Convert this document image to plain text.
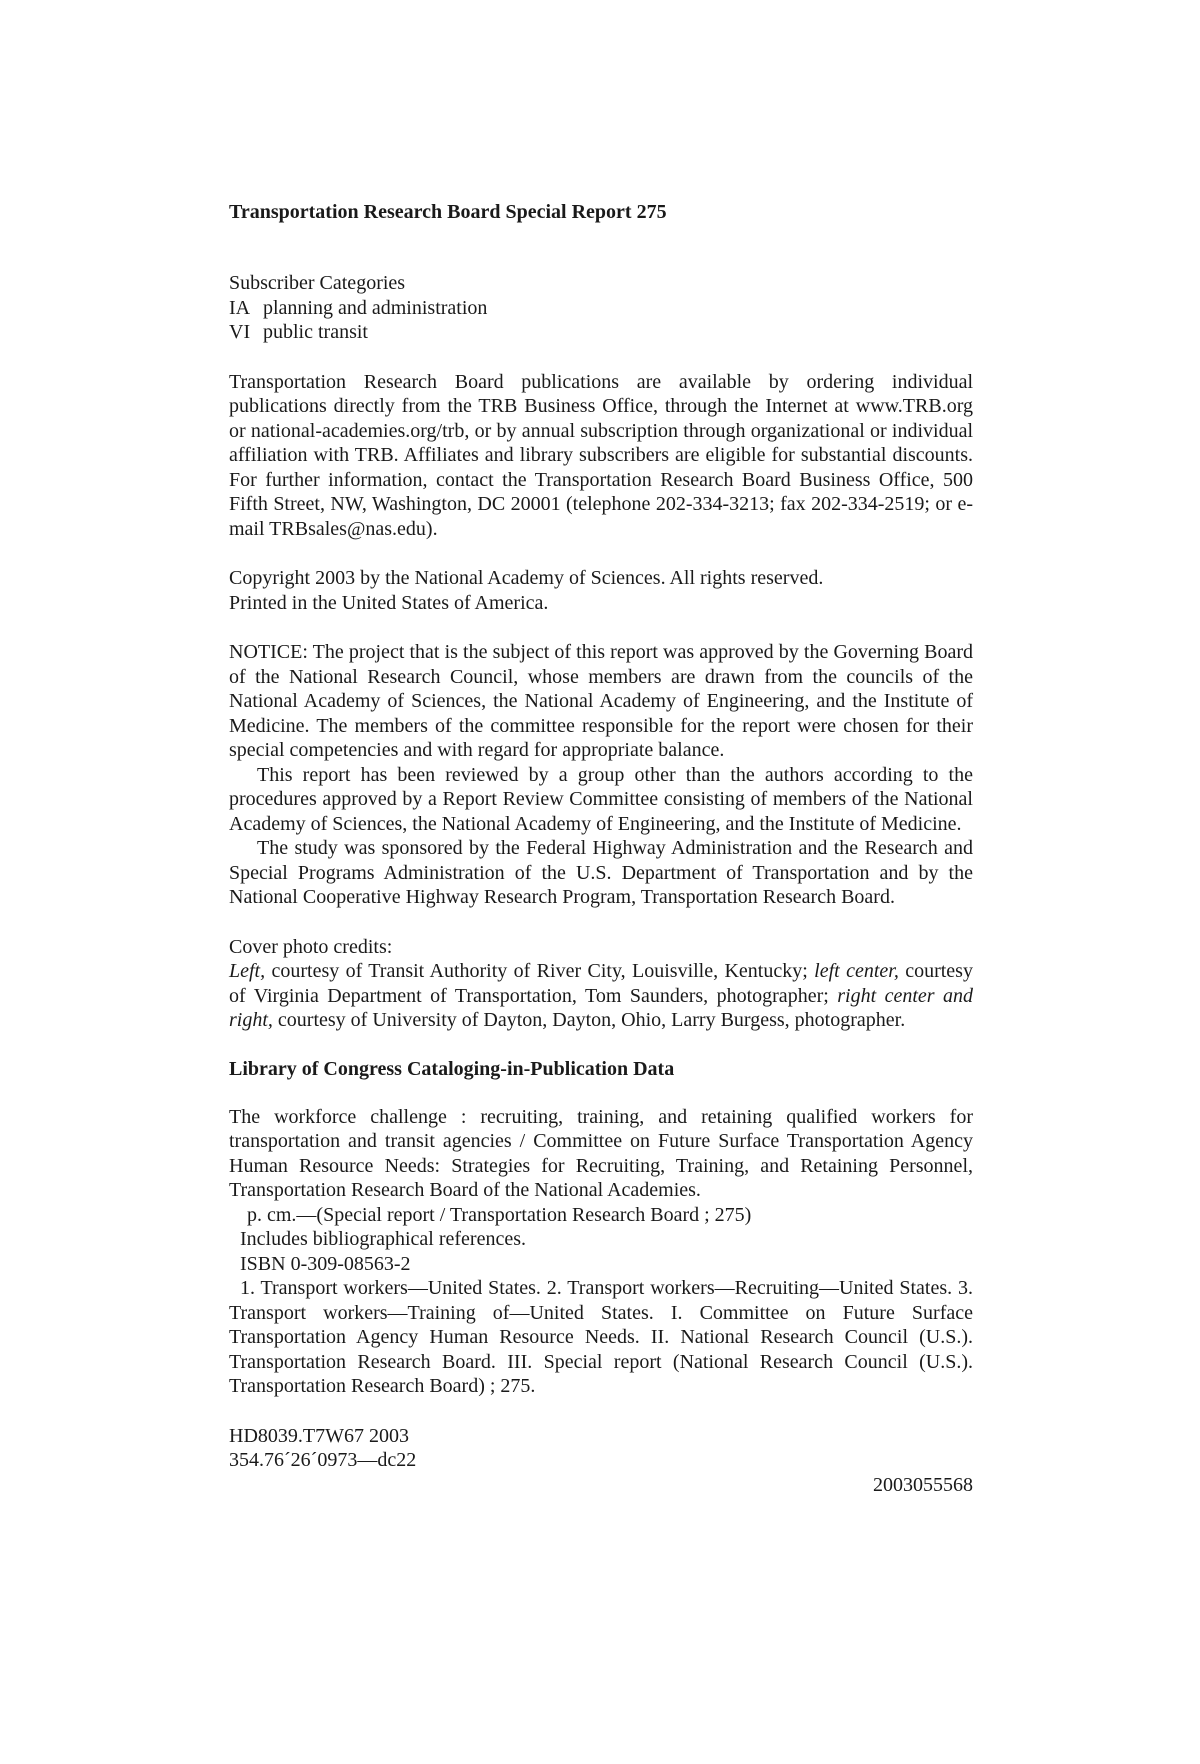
Transportation Research Board Special Report 275

Subscriber Categories

IA planning and administration

VI public transit

Transportation Research Board publications are available by ordering individual publications directly from the TRB Business Office, through the Internet at www.TRB.org or national-academies.org/trb, or by annual subscription through organizational or individual affiliation with TRB. Affiliates and library subscribers are eligible for substantial discounts. For further information, contact the Transportation Research Board Business Office, 500 Fifth Street, NW, Washington, DC 20001 (telephone 202-334-3213; fax 202-334-2519; or e-mail TRBsales@nas.edu).

Copyright 2003 by the National Academy of Sciences. All rights reserved.

Printed in the United States of America.

NOTICE: The project that is the subject of this report was approved by the Governing Board of the National Research Council, whose members are drawn from the councils of the National Academy of Sciences, the National Academy of Engineering, and the Institute of Medicine. The members of the committee responsible for the report were chosen for their special competencies and with regard for appropriate balance.

This report has been reviewed by a group other than the authors according to the procedures approved by a Report Review Committee consisting of members of the National Academy of Sciences, the National Academy of Engineering, and the Institute of Medicine.

The study was sponsored by the Federal Highway Administration and the Research and Special Programs Administration of the U.S. Department of Transportation and by the National Cooperative Highway Research Program, Transportation Research Board.

Cover photo credits:

Left, courtesy of Transit Authority of River City, Louisville, Kentucky; left center, courtesy of Virginia Department of Transportation, Tom Saunders, photographer; right center and right, courtesy of University of Dayton, Dayton, Ohio, Larry Burgess, photographer.

Library of Congress Cataloging-in-Publication Data

The workforce challenge : recruiting, training, and retaining qualified workers for transportation and transit agencies / Committee on Future Surface Transportation Agency Human Resource Needs: Strategies for Recruiting, Training, and Retaining Personnel, Transportation Research Board of the National Academies.

p. cm.—(Special report / Transportation Research Board ; 275)

Includes bibliographical references.

ISBN 0-309-08563-2

1. Transport workers—United States. 2. Transport workers—Recruiting—United States. 3. Transport workers—Training of—United States. I. Committee on Future Surface Transportation Agency Human Resource Needs. II. National Research Council (U.S.). Transportation Research Board. III. Special report (National Research Council (U.S.). Transportation Research Board) ; 275.

HD8039.T7W67 2003

354.76´26´0973—dc22

2003055568
